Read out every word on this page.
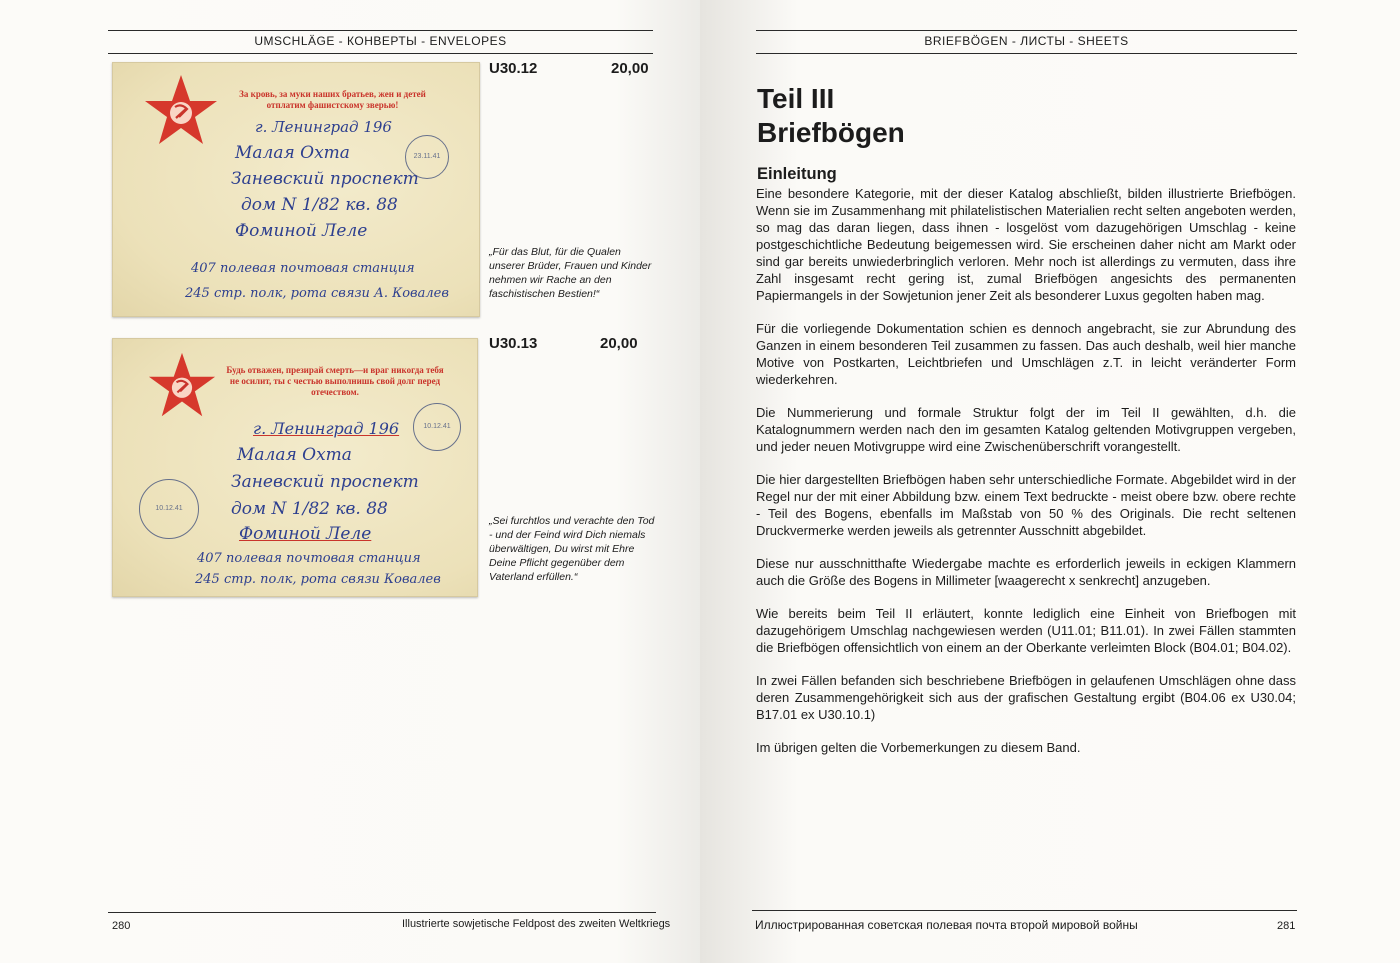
UMSCHLÄGE - КОНВЕРТЫ - ENVELOPES
За кровь, за муки наших братьев, жен и детей отплатим фашистскому зверью!
23.11.41
г. Ленинград 196
Малая Охта
Заневский проспект
дом N 1/82 кв. 88
Фоминой Леле
407 полевая почтовая станция
245 стр. полк, рота связи А. Ковалев
U30.12	20,00
„Für das Blut, für die Qualen unserer Brüder, Frauen und Kinder nehmen wir Rache an den faschistischen Bestien!“
Будь отважен, презирай смерть—и враг никогда тебя не осилит, ты с честью выполнишь свой долг перед отечеством.
10.12.41
10.12.41
г. Ленинград 196
Малая Охта
Заневский проспект
дом N 1/82 кв. 88
Фоминой Леле
407 полевая почтовая станция
245 стр. полк, рота связи Ковалев
U30.13	20,00
„Sei furchtlos und verachte den Tod - und der Feind wird Dich niemals überwältigen, Du wirst mit Ehre Deine Pflicht gegenüber dem Vaterland erfüllen.“
280	Illustrierte sowjetische Feldpost des zweiten Weltkriegs
BRIEFBÖGEN - ЛИСТЫ - SHEETS
Teil III
Briefbögen
Einleitung

Eine besondere Kategorie, mit der dieser Katalog abschließt, bilden illustrierte Briefbögen. Wenn sie im Zusammenhang mit philatelistischen Materialien recht selten angeboten werden, so mag das daran liegen, dass ihnen - losgelöst vom dazugehörigen Umschlag - keine postgeschichtliche Bedeutung beigemessen wird. Sie erscheinen daher nicht am Markt oder sind gar bereits unwiederbringlich verloren. Mehr noch ist allerdings zu vermuten, dass ihre Zahl insgesamt recht gering ist, zumal Briefbögen angesichts des permanenten Papiermangels in der Sowjetunion jener Zeit als besonderer Luxus gegolten haben mag.

Für die vorliegende Dokumentation schien es dennoch angebracht, sie zur Abrundung des Ganzen in einem besonderen Teil zusammen zu fassen. Das auch deshalb, weil hier manche Motive von Postkarten, Leichtbriefen und Umschlägen z.T. in leicht veränderter Form wiederkehren.

Die Nummerierung und formale Struktur folgt der im Teil II gewählten, d.h. die Katalognummern werden nach den im gesamten Katalog geltenden Motivgruppen vergeben, und jeder neuen Motivgruppe wird eine Zwischenüberschrift vorangestellt.

Die hier dargestellten Briefbögen haben sehr unterschiedliche Formate. Abgebildet wird in der Regel nur der mit einer Abbildung bzw. einem Text bedruckte - meist obere bzw. obere rechte - Teil des Bogens, ebenfalls im Maßstab von 50 % des Originals. Die recht seltenen Druckvermerke werden jeweils als getrennter Ausschnitt abgebildet.

Diese nur ausschnitthafte Wiedergabe machte es erforderlich jeweils in eckigen Klammern auch die Größe des Bogens in Millimeter [waagerecht x senkrecht] anzugeben.

Wie bereits beim Teil II erläutert, konnte lediglich eine Einheit von Briefbogen mit dazugehörigem Umschlag nachgewiesen werden (U11.01; B11.01). In zwei Fällen stammten die Briefbögen offensichtlich von einem an der Oberkante verleimten Block (B04.01; B04.02).

In zwei Fällen befanden sich beschriebene Briefbögen in gelaufenen Umschlägen ohne dass deren Zusammengehörigkeit sich aus der grafischen Gestaltung ergibt (B04.06 ex U30.04; B17.01 ex U30.10.1)

Im übrigen gelten die Vorbemerkungen zu diesem Band.

Иллюстрированная советская полевая почта второй мировой войны	281
